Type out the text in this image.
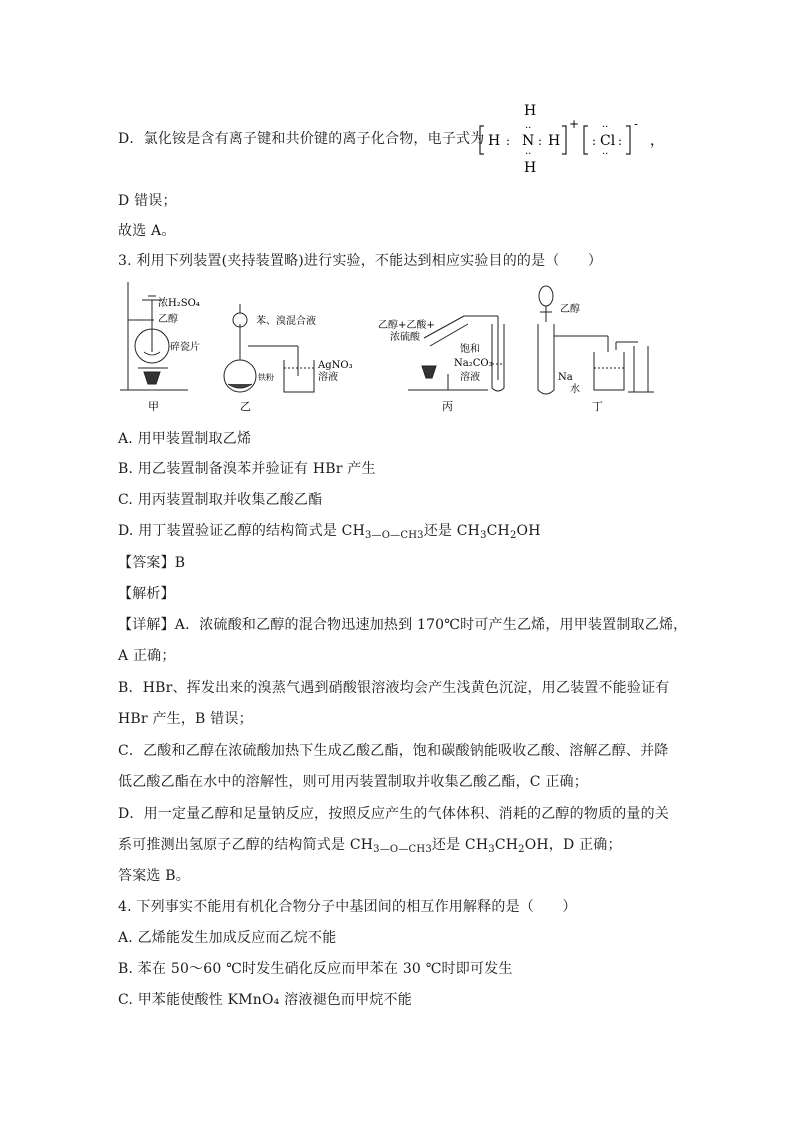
D．氯化铵是含有离子键和共价键的离子化合物，电子式为
H
H : N : H
··
··
H
+
:
··
Cl
··
:
-
，
D 错误；
故选 A。
3. 利用下列装置(夹持装置略)进行实验，不能达到相应实验目的的是（　　）
浓H₂SO₄
乙醇
碎瓷片
甲
苯、溴混合液
铁粉
AgNO₃
溶液
乙
乙醇+乙酸+
浓硫酸
饱和
Na₂CO₃
溶液
丙
乙醇
Na
水
丁
A. 用甲装置制取乙烯
B. 用乙装置制备溴苯并验证有 HBr 产生
C. 用丙装置制取并收集乙酸乙酯
D. 用丁装置验证乙醇的结构简式是 $CH_{3—O—CH3}$还是 $CH_3CH_2OH$
【答案】B
【解析】
【详解】A．浓硫酸和乙醇的混合物迅速加热到 170℃时可产生乙烯，用甲装置制取乙烯，
A 正确；
B．HBr、挥发出来的溴蒸气遇到硝酸银溶液均会产生浅黄色沉淀，用乙装置不能验证有
HBr 产生，B 错误；
C．乙酸和乙醇在浓硫酸加热下生成乙酸乙酯，饱和碳酸钠能吸收乙酸、溶解乙醇、并降
低乙酸乙酯在水中的溶解性，则可用丙装置制取并收集乙酸乙酯，C 正确；
D．用一定量乙醇和足量钠反应，按照反应产生的气体体积、消耗的乙醇的物质的量的关
系可推测出氢原子乙醇的结构简式是 $CH_{3—O—CH3}$还是 $CH_3CH_2OH$，D 正确；
答案选 B。
4. 下列事实不能用有机化合物分子中基团间的相互作用解释的是（　　）
A. 乙烯能发生加成反应而乙烷不能
B. 苯在 50～60 ℃时发生硝化反应而甲苯在 30 ℃时即可发生
C. 甲苯能使酸性 KMnO₄ 溶液褪色而甲烷不能
